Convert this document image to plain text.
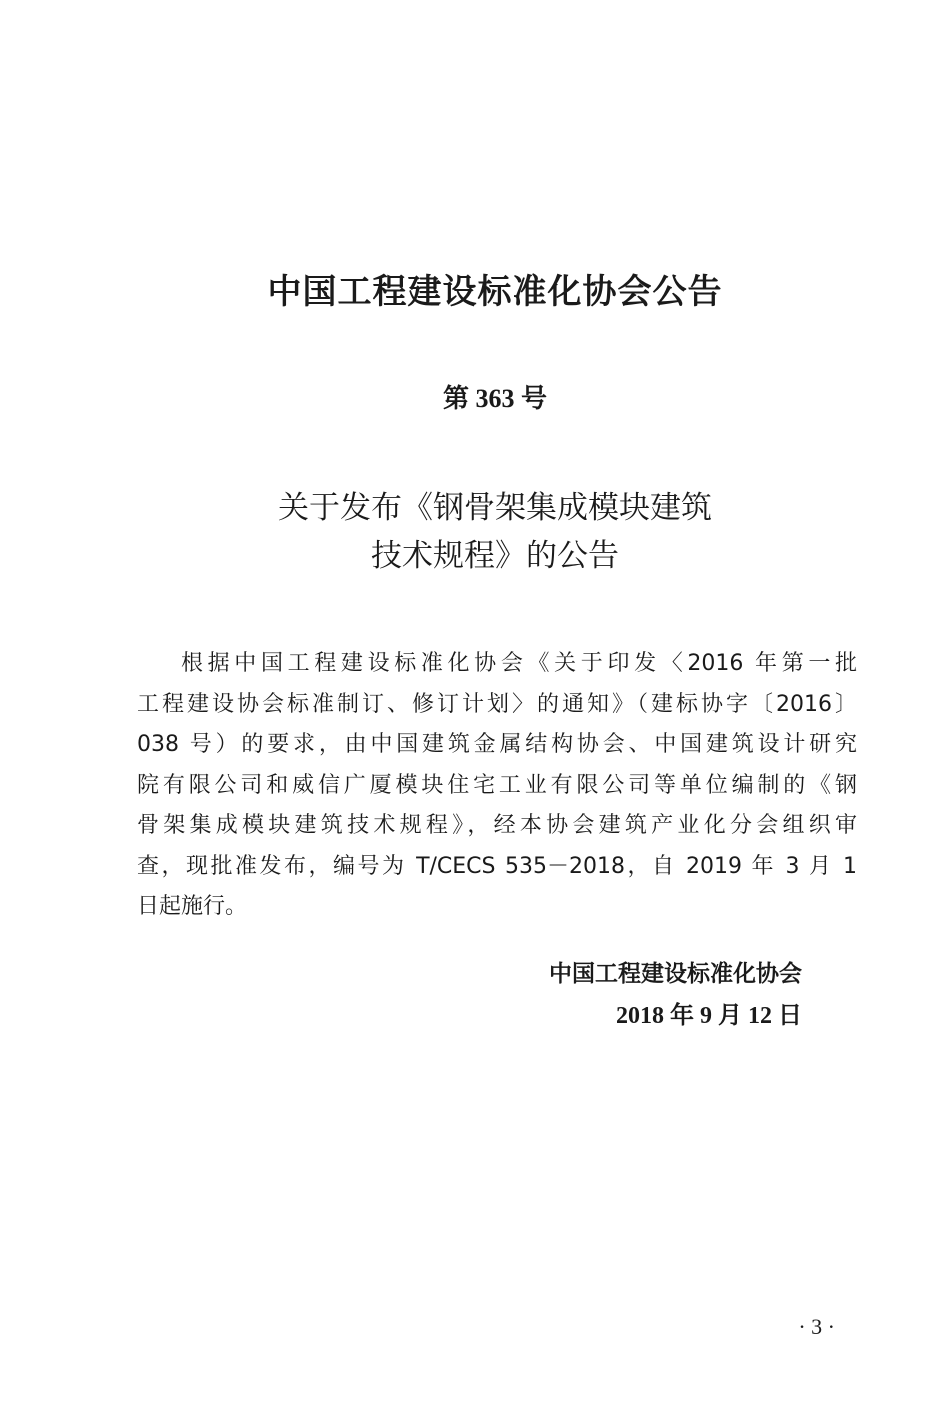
中国工程建设标准化协会公告
第 363 号
关于发布《钢骨架集成模块建筑
技术规程》的公告
根据中国工程建设标准化协会《关于印发〈2016 年第一批
工程建设协会标准制订、修订计划〉的通知》（建标协字〔2016〕
038 号）的要求，由中国建筑金属结构协会、中国建筑设计研究
院有限公司和威信广厦模块住宅工业有限公司等单位编制的《钢
骨架集成模块建筑技术规程》，经本协会建筑产业化分会组织审
查，现批准发布，编号为 T/CECS 535－2018，自 2019 年 3 月 1
日起施行。
中国工程建设标准化协会
2018 年 9 月 12 日
· 3 ·
